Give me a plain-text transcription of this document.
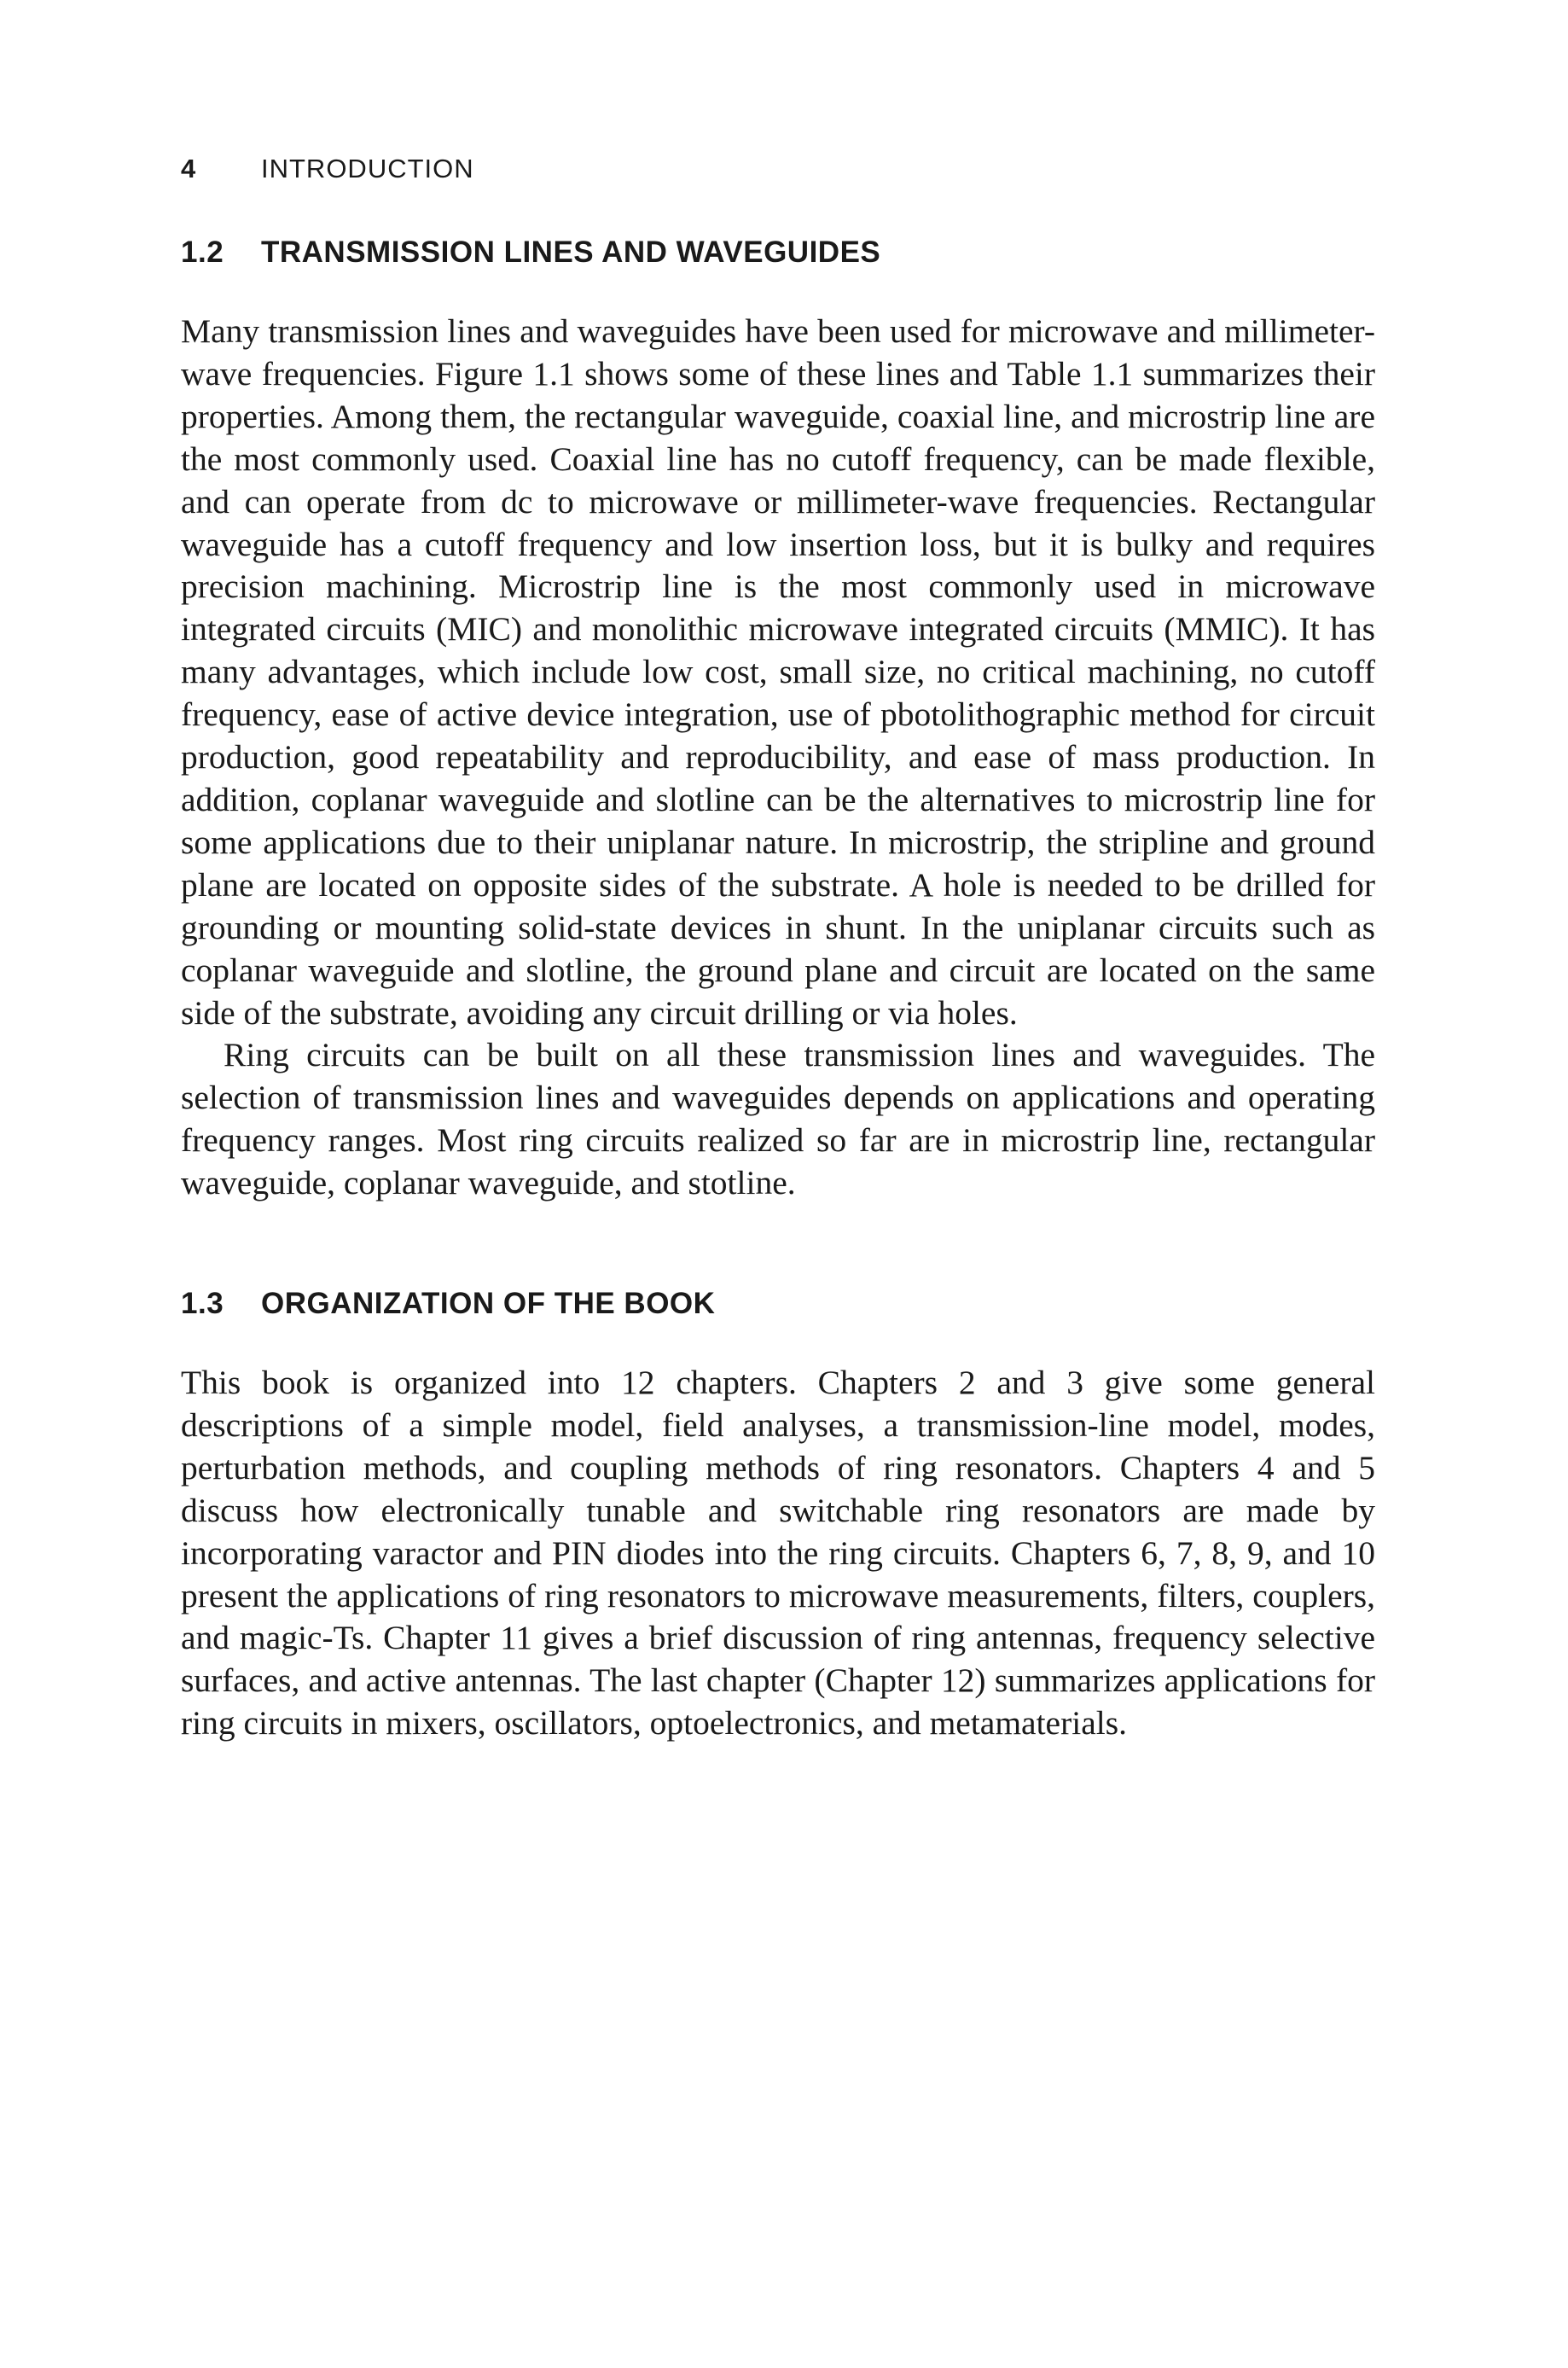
4	INTRODUCTION
1.2	TRANSMISSION LINES AND WAVEGUIDES

Many transmission lines and waveguides have been used for microwave and millimeter-wave frequencies. Figure 1.1 shows some of these lines and Table 1.1 summarizes their properties. Among them, the rectangular waveguide, coaxial line, and microstrip line are the most commonly used. Coaxial line has no cutoff frequency, can be made flexible, and can operate from dc to microwave or millimeter-wave frequencies. Rectangular waveguide has a cutoff frequency and low insertion loss, but it is bulky and requires precision machining. Microstrip line is the most commonly used in microwave integrated circuits (MIC) and monolithic microwave integrated circuits (MMIC). It has many advantages, which include low cost, small size, no critical machining, no cutoff frequency, ease of active device integration, use of pbotolithographic method for circuit production, good repeatability and reproducibility, and ease of mass production. In addition, coplanar waveguide and slotline can be the alternatives to microstrip line for some applications due to their uniplanar nature. In microstrip, the stripline and ground plane are located on opposite sides of the substrate. A hole is needed to be drilled for grounding or mounting solid-state devices in shunt. In the uniplanar circuits such as coplanar waveguide and slotline, the ground plane and circuit are located on the same side of the substrate, avoiding any circuit drilling or via holes.

Ring circuits can be built on all these transmission lines and waveguides. The selection of transmission lines and waveguides depends on applications and operating frequency ranges. Most ring circuits realized so far are in microstrip line, rectangular waveguide, coplanar waveguide, and stotline.

1.3	ORGANIZATION OF THE BOOK

This book is organized into 12 chapters. Chapters 2 and 3 give some general descriptions of a simple model, field analyses, a transmission-line model, modes, perturbation methods, and coupling methods of ring resonators. Chapters 4 and 5 discuss how electronically tunable and switchable ring resonators are made by incorporating varactor and PIN diodes into the ring circuits. Chapters 6, 7, 8, 9, and 10 present the applications of ring resonators to microwave measurements, filters, couplers, and magic-Ts. Chapter 11 gives a brief discussion of ring antennas, frequency selective surfaces, and active antennas. The last chapter (Chapter 12) summarizes applications for ring circuits in mixers, oscillators, optoelectronics, and metamaterials.
